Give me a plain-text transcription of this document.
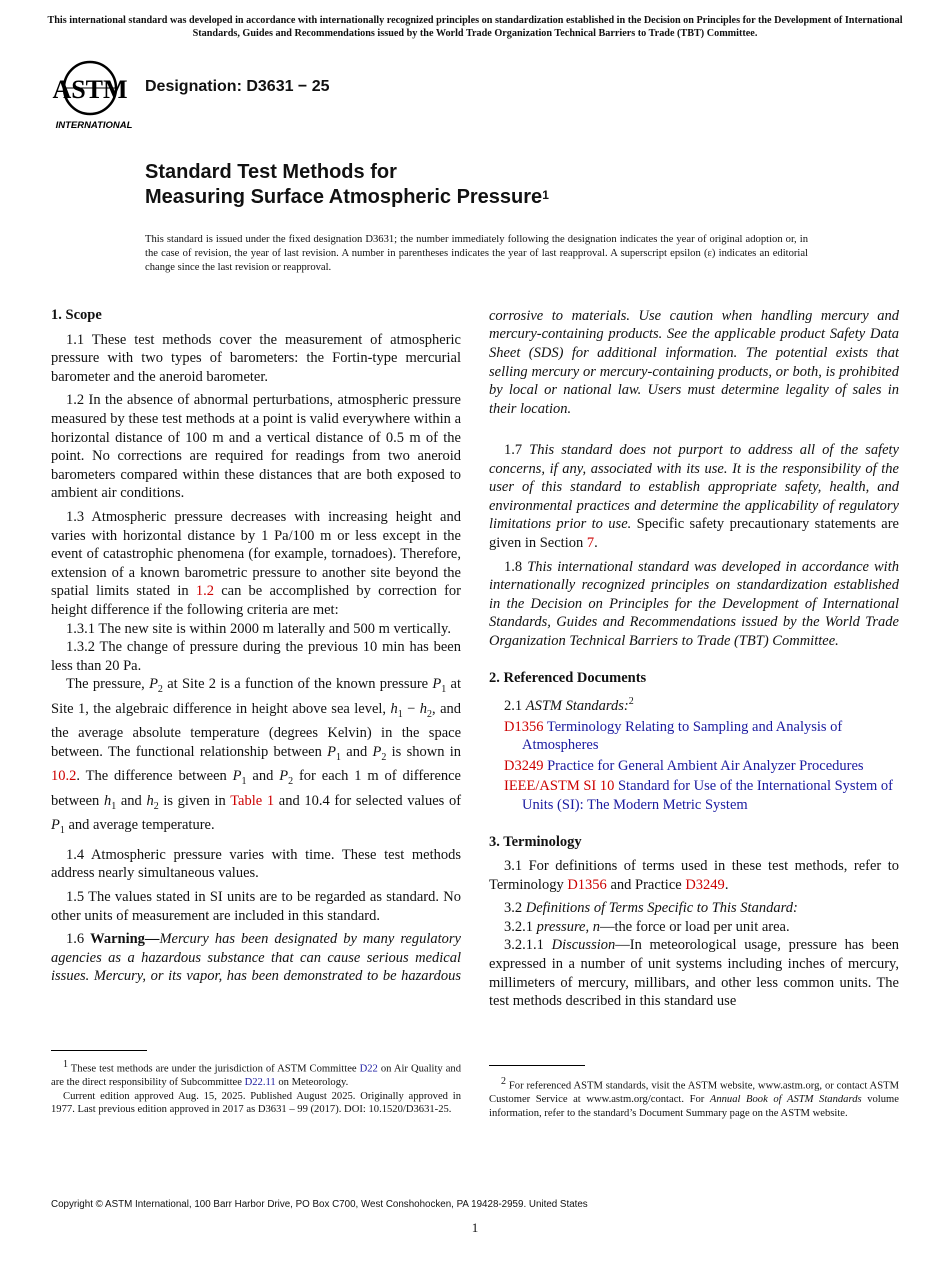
This international standard was developed in accordance with internationally recognized principles on standardization established in the Decision on Principles for the Development of International Standards, Guides and Recommendations issued by the World Trade Organization Technical Barriers to Trade (TBT) Committee.
ASTM
INTERNATIONAL
Designation: D3631 − 25
Standard Test Methods for
Measuring Surface Atmospheric Pressure$^1$
This standard is issued under the fixed designation D3631; the number immediately following the designation indicates the year of original adoption or, in the case of revision, the year of last revision. A number in parentheses indicates the year of last reapproval. A superscript epsilon (ε) indicates an editorial change since the last revision or reapproval.
1. Scope

1.1 These test methods cover the measurement of atmospheric pressure with two types of barometers: the Fortin-type mercurial barometer and the aneroid barometer.

1.2 In the absence of abnormal perturbations, atmospheric pressure measured by these test methods at a point is valid everywhere within a horizontal distance of 100 m and a vertical distance of 0.5 m of the point. No corrections are required for readings from two aneroid barometers compared within these distances that are both exposed to ambient air conditions.

1.3 Atmospheric pressure decreases with increasing height and varies with horizontal distance by 1 Pa/100 m or less except in the event of catastrophic phenomena (for example, tornadoes). Therefore, extension of a known barometric pressure to another site beyond the spatial limits stated in 1.2 can be accomplished by correction for height difference if the following criteria are met:

1.3.1 The new site is within 2000 m laterally and 500 m vertically.

1.3.2 The change of pressure during the previous 10 min has been less than 20 Pa.

The pressure, $P_2$ at Site 2 is a function of the known pressure $P_1$ at Site 1, the algebraic difference in height above sea level, $h_1 - h_2$, and the average absolute temperature (degrees Kelvin) in the space between. The functional relationship between $P_1$ and $P_2$ is shown in 10.2. The difference between $P_1$ and $P_2$ for each 1 m of difference between $h_1$ and $h_2$ is given in Table 1 and 10.4 for selected values of $P_1$ and average temperature.

1.4 Atmospheric pressure varies with time. These test methods address nearly simultaneous values.

1.5 The values stated in SI units are to be regarded as standard. No other units of measurement are included in this standard.

1.6 Warning—Mercury has been designated by many regulatory agencies as a hazardous substance that can cause serious medical issues. Mercury, or its vapor, has been demonstrated to be hazardous

corrosive to materials. Use caution when handling mercury and mercury-containing products. See the applicable product Safety Data Sheet (SDS) for additional information. The potential exists that selling mercury or mercury-containing products, or both, is prohibited by local or national law. Users must determine legality of sales in their location.

1.7 This standard does not purport to address all of the safety concerns, if any, associated with its use. It is the responsibility of the user of this standard to establish appropriate safety, health, and environmental practices and determine the applicability of regulatory limitations prior to use. Specific safety precautionary statements are given in Section 7.

1.8 This international standard was developed in accordance with internationally recognized principles on standardization established in the Decision on Principles for the Development of International Standards, Guides and Recommendations issued by the World Trade Organization Technical Barriers to Trade (TBT) Committee.

2. Referenced Documents

2.1 ASTM Standards:$^2$

D1356 Terminology Relating to Sampling and Analysis of Atmospheres
D3249 Practice for General Ambient Air Analyzer Procedures
IEEE/ASTM SI 10 Standard for Use of the International System of Units (SI): The Modern Metric System
3. Terminology

3.1 For definitions of terms used in these test methods, refer to Terminology D1356 and Practice D3249.

3.2 Definitions of Terms Specific to This Standard:

3.2.1 pressure, n—the force or load per unit area.

3.2.1.1 Discussion—In meteorological usage, pressure has been expressed in a number of unit systems including inches of mercury, millimeters of mercury, millibars, and other less common units. The test methods described in this standard use

$^1$ These test methods are under the jurisdiction of ASTM Committee D22 on Air Quality and are the direct responsibility of Subcommittee D22.11 on Meteorology.

Current edition approved Aug. 15, 2025. Published August 2025. Originally approved in 1977. Last previous edition approved in 2017 as D3631 – 99 (2017). DOI: 10.1520/D3631-25.

$^2$ For referenced ASTM standards, visit the ASTM website, www.astm.org, or contact ASTM Customer Service at www.astm.org/contact. For Annual Book of ASTM Standards volume information, refer to the standard’s Document Summary page on the ASTM website.

Copyright © ASTM International, 100 Barr Harbor Drive, PO Box C700, West Conshohocken, PA 19428-2959. United States
1
